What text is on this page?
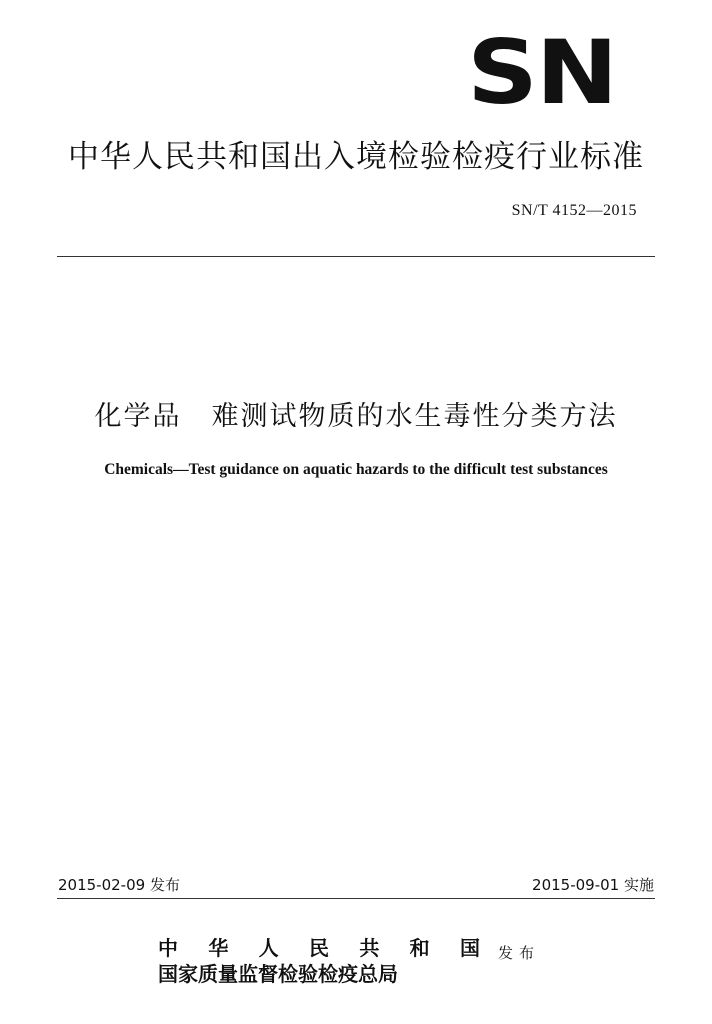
SN
中华人民共和国出入境检验检疫行业标准
SN/T 4152—2015
化学品 难测试物质的水生毒性分类方法
Chemicals—Test guidance on aquatic hazards to the difficult test substances
2015-02-09 发布	2015-09-01 实施
中 华 人 民 共 和 国
国家质量监督检验检疫总局
发布
